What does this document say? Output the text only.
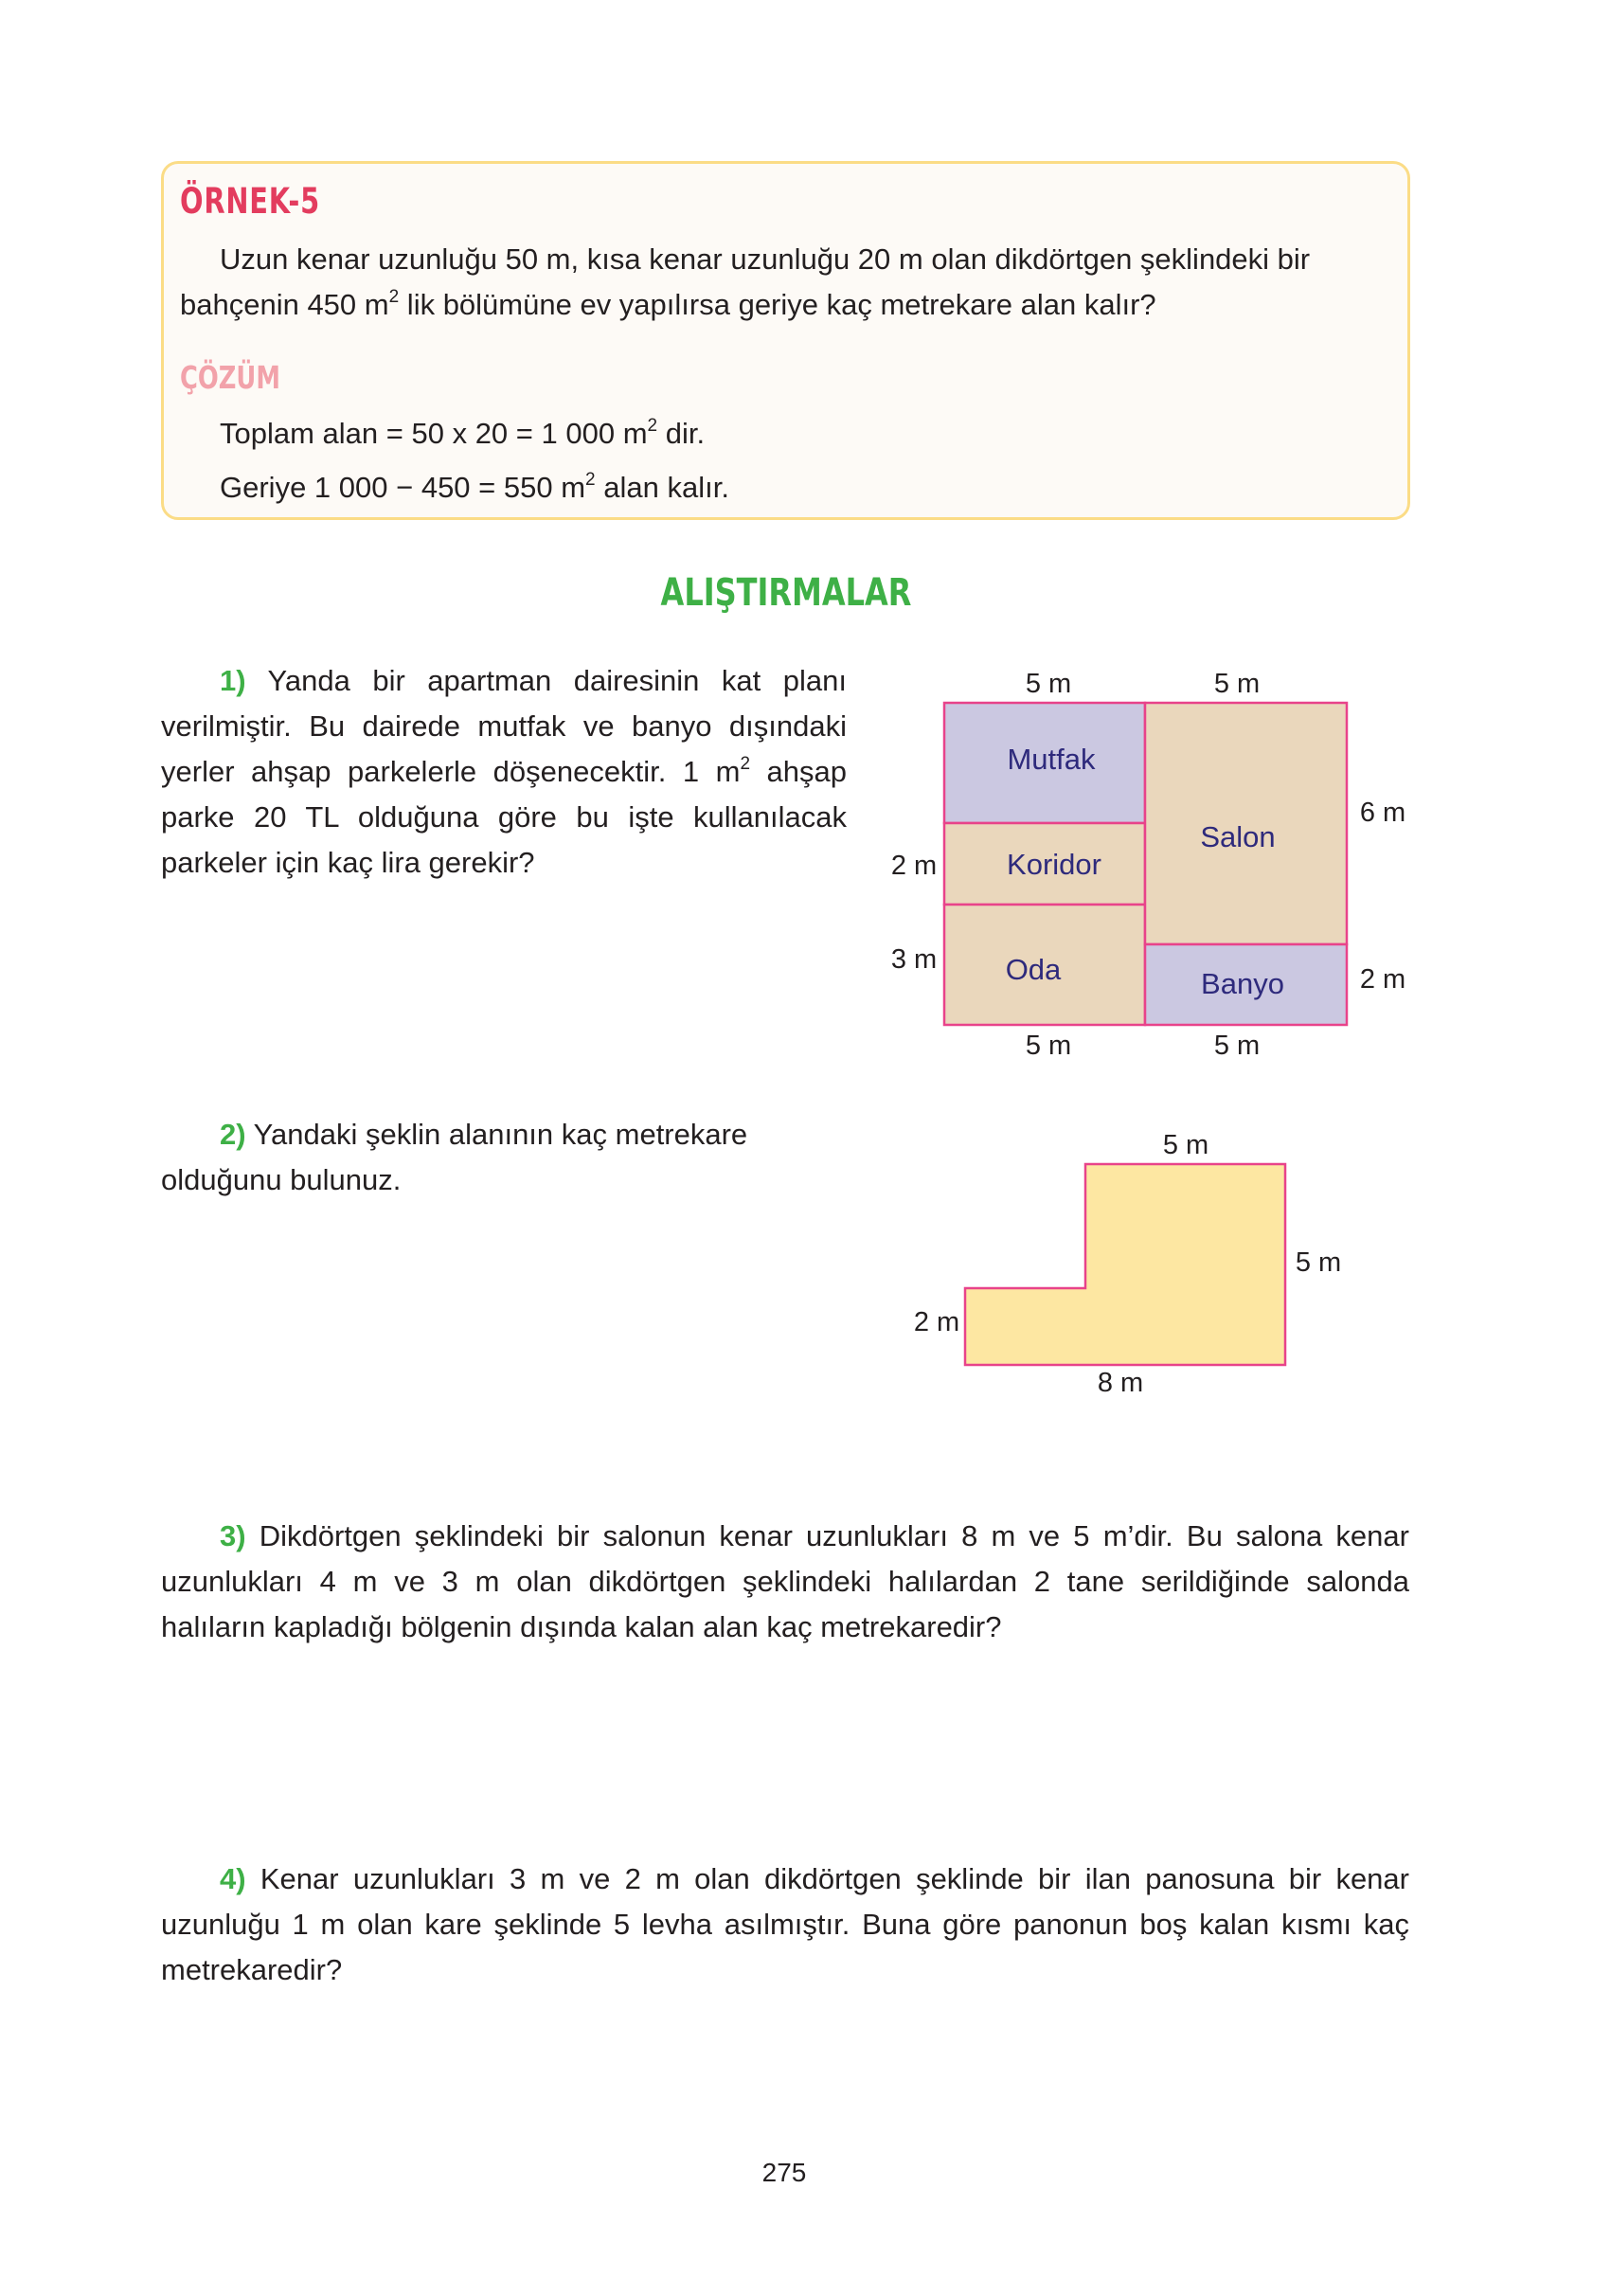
ÖRNEK-5
Uzun kenar uzunluğu 50 m, kısa kenar uzunluğu 20 m olan dikdörtgen şeklindeki bir
bahçenin 450 $m^2$ lik bölümüne ev yapılırsa geriye kaç metrekare alan kalır?
ÇÖZÜM
Toplam alan = 50 x 20 = 1 000 $m^2$ dir.
Geriye 1 000 − 450 = 550 $m^2$ alan kalır.
ALIŞTIRMALAR
1) Yanda bir apartman dairesinin kat planı verilmiştir. Bu dairede mutfak ve banyo dışındaki yerler ahşap parkelerle döşenecektir. 1 $m^2$ ahşap parke 20 TL olduğuna göre bu işte kullanılacak parkeler için kaç lira gerekir?
2) Yandaki şeklin alanının kaç metrekare olduğunu bulunuz.
3) Dikdörtgen şeklindeki bir salonun kenar uzunlukları 8 m ve 5 m’dir. Bu salona kenar uzunlukları 4 m ve 3 m olan dikdörtgen şeklindeki halılardan 2 tane serildiğinde salonda halıların kapladığı bölgenin dışında kalan alan kaç metrekaredir?
4) Kenar uzunlukları 3 m ve 2 m olan dikdörtgen şeklinde bir ilan panosuna bir kenar uzunluğu 1 m olan kare şeklinde 5 levha asılmıştır. Buna göre panonun boş kalan kısmı kaç metrekaredir?
Mutfak
Koridor
Oda
Salon
Banyo
5 m	5 m
5 m	5 m
2 m
3 m
6 m
2 m
5 m
5 m
2 m
8 m
275
